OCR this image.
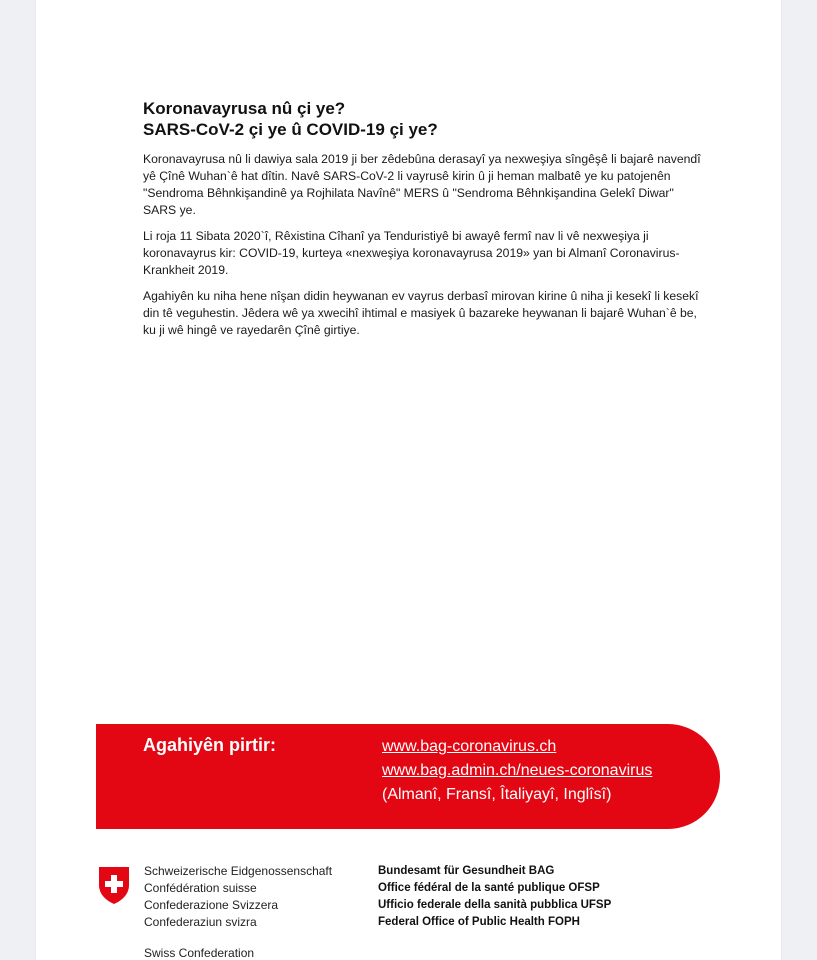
Koronavayrusa nû çi ye?
SARS-CoV-2 çi ye û COVID-19 çi ye?

Koronavayrusa nû li dawiya sala 2019 ji ber zêdebûna derasayî ya nexweşiya sîngêşê li bajarê navendî yê Çînê Wuhan`ê hat dîtin. Navê SARS-CoV-2 li vayrusê kirin û ji heman malbatê ye ku patojenên "Sendroma Bêhnkişandinê ya Rojhilata Navînê" MERS û "Sendroma Bêhnkişandina Gelekî Diwar" SARS ye.

Li roja 11 Sibata 2020`î, Rêxistina Cîhanî ya Tenduristiyê bi awayê fermî nav li vê nexweşiya ji koronavayrus kir: COVID-19, kurteya «nexweşiya koronavayrusa 2019» yan bi Almanî Coronavirus-Krankheit 2019.

Agahiyên ku niha hene nîşan didin heywanan ev vayrus derbasî mirovan kirine û niha ji kesekî li kesekî din tê veguhestin. Jêdera wê ya xwecihî ihtimal e masiyek û bazareke heywanan li bajarê Wuhan`ê be, ku ji wê hingê ve rayedarên Çînê girtiye.

Agahiyên pirtir:	www.bag-coronavirus.ch
www.bag.admin.ch/neues-coronavirus
(Almanî, Fransî, Îtaliyayî, Inglîsî)
Schweizerische Eidgenossenschaft
Confédération suisse
Confederazione Svizzera
Confederaziun svizra
Bundesamt für Gesundheit BAG
Office fédéral de la santé publique OFSP
Ufficio federale della sanità pubblica UFSP
Federal Office of Public Health FOPH
Swiss Confederation
